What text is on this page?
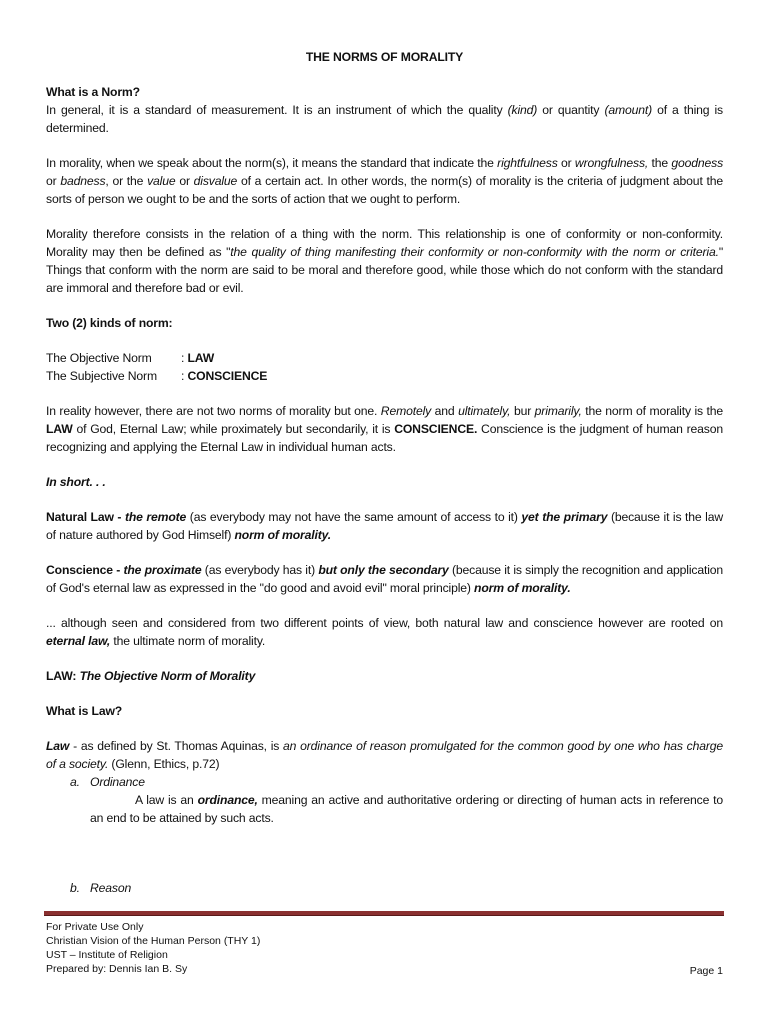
THE NORMS OF MORALITY
What is a Norm?

In general, it is a standard of measurement. It is an instrument of which the quality (kind) or quantity (amount) of a thing is determined.

In morality, when we speak about the norm(s), it means the standard that indicate the rightfulness or wrongfulness, the goodness or badness, or the value or disvalue of a certain act. In other words, the norm(s) of morality is the criteria of judgment about the sorts of person we ought to be and the sorts of action that we ought to perform.

Morality therefore consists in the relation of a thing with the norm. This relationship is one of conformity or non-conformity. Morality may then be defined as "the quality of thing manifesting their conformity or non-conformity with the norm or criteria." Things that conform with the norm are said to be moral and therefore good, while those which do not conform with the standard are immoral and therefore bad or evil.

Two (2) kinds of norm:
The Objective Norm	: LAW
The Subjective Norm	: CONSCIENCE

In reality however, there are not two norms of morality but one. Remotely and ultimately, bur primarily, the norm of morality is the LAW of God, Eternal Law; while proximately but secondarily, it is CONSCIENCE. Conscience is the judgment of human reason recognizing and applying the Eternal Law in individual human acts.

In short. . .

Natural Law - the remote (as everybody may not have the same amount of access to it) yet the primary (because it is the law of nature authored by God Himself) norm of morality.

Conscience - the proximate (as everybody has it) but only the secondary (because it is simply the recognition and application of God's eternal law as expressed in the "do good and avoid evil" moral principle) norm of morality.

... although seen and considered from two different points of view, both natural law and conscience however are rooted on eternal law, the ultimate norm of morality.

LAW: The Objective Norm of Morality
What is Law?

Law - as defined by St. Thomas Aquinas, is an ordinance of reason promulgated for the common good by one who has charge of a society. (Glenn, Ethics, p.72)

a. Ordinance

A law is an ordinance, meaning an active and authoritative ordering or directing of human acts in reference to an end to be attained by such acts.

b. Reason
For Private Use Only
Christian Vision of the Human Person (THY 1)
UST – Institute of Religion
Prepared by: Dennis Ian B. Sy	Page 1
